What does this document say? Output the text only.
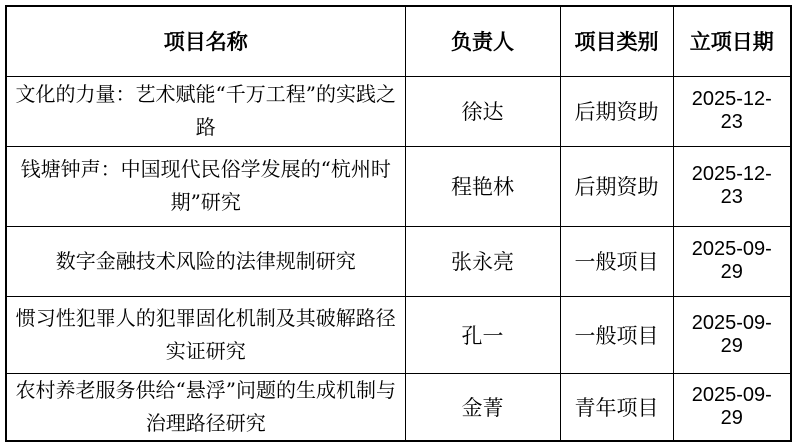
项目名称	负责人	项目类别	立项日期
文化的力量：艺术赋能“千万工程”的实践之路	徐达	后期资助	2025-12-23
钱塘钟声：中国现代民俗学发展的“杭州时期”研究	程艳林	后期资助	2025-12-23
数字金融技术风险的法律规制研究	张永亮	一般项目	2025-09-29
惯习性犯罪人的犯罪固化机制及其破解路径实证研究	孔一	一般项目	2025-09-29
农村养老服务供给“悬浮”问题的生成机制与治理路径研究	金菁	青年项目	2025-09-29
